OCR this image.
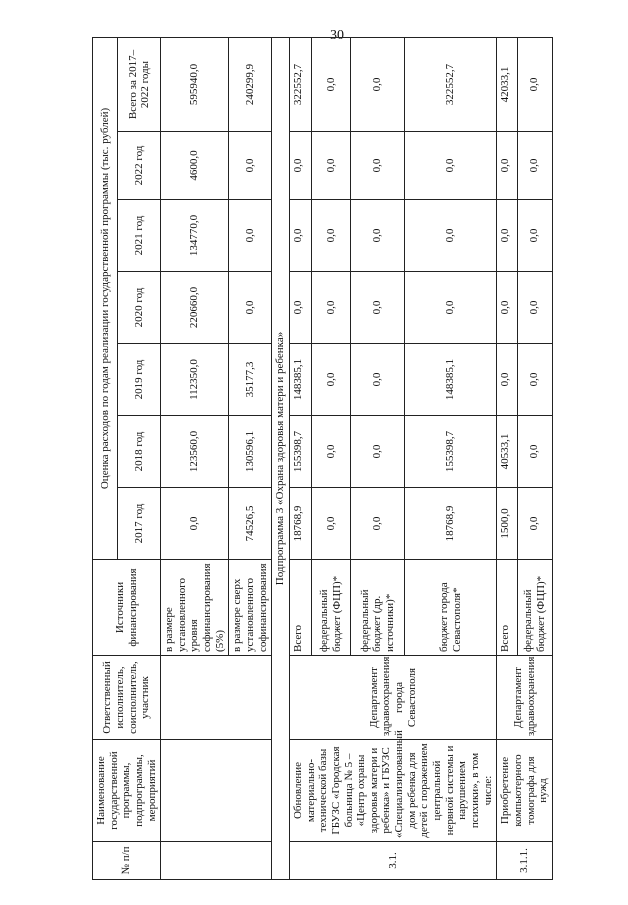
30
№ п/п	Наименование государственной программы, подпрограммы, мероприятий	Ответственный исполнитель, соисполнитель, участник	Источники финансирования	Оценка расходов по годам реализации государственной программы (тыс. рублей)						
				2017 год	2018 год	2019 год	2020 год	2021 год	2022 год	Всего за 2017–2022 годы
			в размере установленного уровня софинансирования (5%)	0,0	123560,0	112350,0	220660,0	134770,0	4600,0	595940,0
			в размере сверх установленного софинансирования	74526,5	130596,1	35177,3	0,0	0,0	0,0	240299,9
Подпрограмма 3 «Охрана здоровья матери и ребенка»										
3.1.	Обновление материально-технической базы ГБУЗС «Городская больница № 5 – «Центр охраны здоровья матери и ребенка» и ГБУЗС «Специализированный дом ребенка для детей с поражением центральной нервной системы и нарушением психики», в том числе:	Департамент здравоохранения города Севастополя	Всего	18768,9	155398,7	148385,1	0,0	0,0	0,0	322552,7
			федеральный бюджет (ФЦП)*	0,0	0,0	0,0	0,0	0,0	0,0	0,0
			федеральный бюджет (др. источники)*	0,0	0,0	0,0	0,0	0,0	0,0	0,0
			бюджет города Севастополя*	18768,9	155398,7	148385,1	0,0	0,0	0,0	322552,7
3.1.1.	Приобретение компьютерного томографа для нужд	Департамент здравоохранения	Всего	1500,0	40533,1	0,0	0,0	0,0	0,0	42033,1
			федеральный бюджет (ФЦП)*	0,0	0,0	0,0	0,0	0,0	0,0	0,0
